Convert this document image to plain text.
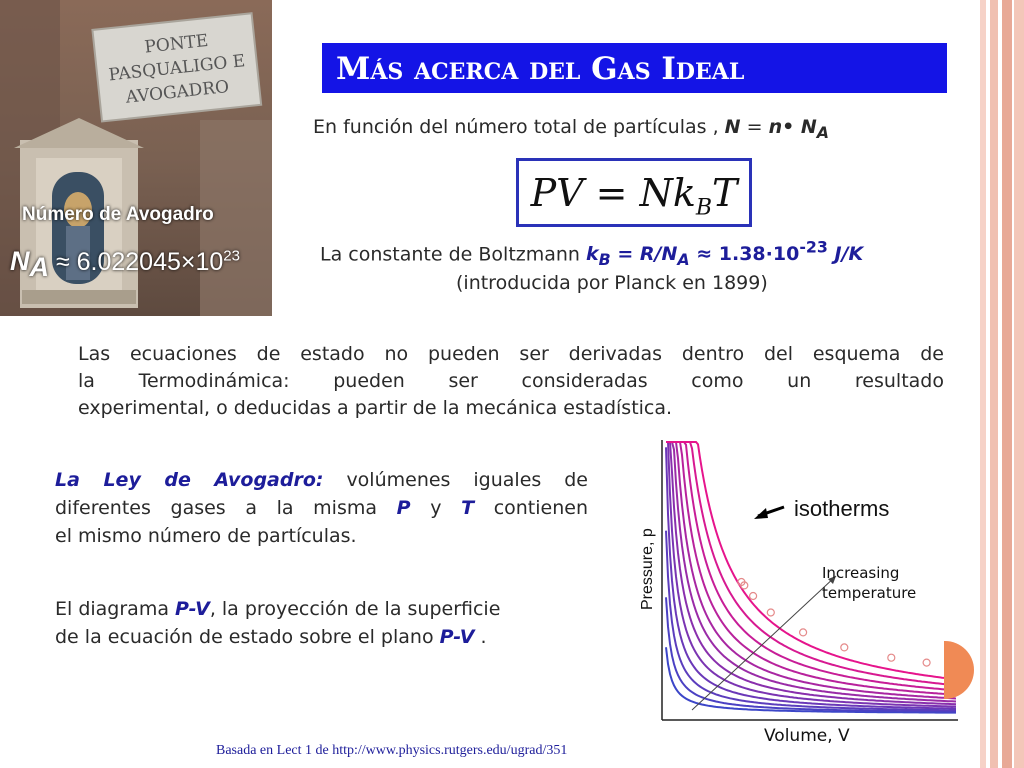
PONTE
PASQUALIGO E
AVOGADRO
Número de Avogadro
$N_A \approx 6.022045\times 10^{23}$
Más acerca del Gas Ideal
En función del número total de partículas , N = n• $N_A$
PV = $Nk_BT$
La constante de Boltzmann $k_B = R/N_A \approx 1.38\cdot 10^{-23}$ J/K
(introducida por Planck en 1899)
Las ecuaciones de estado no pueden ser derivadas dentro del esquema de
la Termodinámica: pueden ser consideradas como un resultado
experimental, o deducidas a partir de la mecánica estadística.
La Ley de Avogadro: volúmenes iguales de
diferentes gases a la misma P y T contienen
el mismo número de partículas.
El diagrama P-V, la proyección de la superficie
de la ecuación de estado sobre el plano P-V .
isotherms
Increasing
temperature
Pressure, p
Volume, V
Basada en Lect 1 de http://www.physics.rutgers.edu/ugrad/351
